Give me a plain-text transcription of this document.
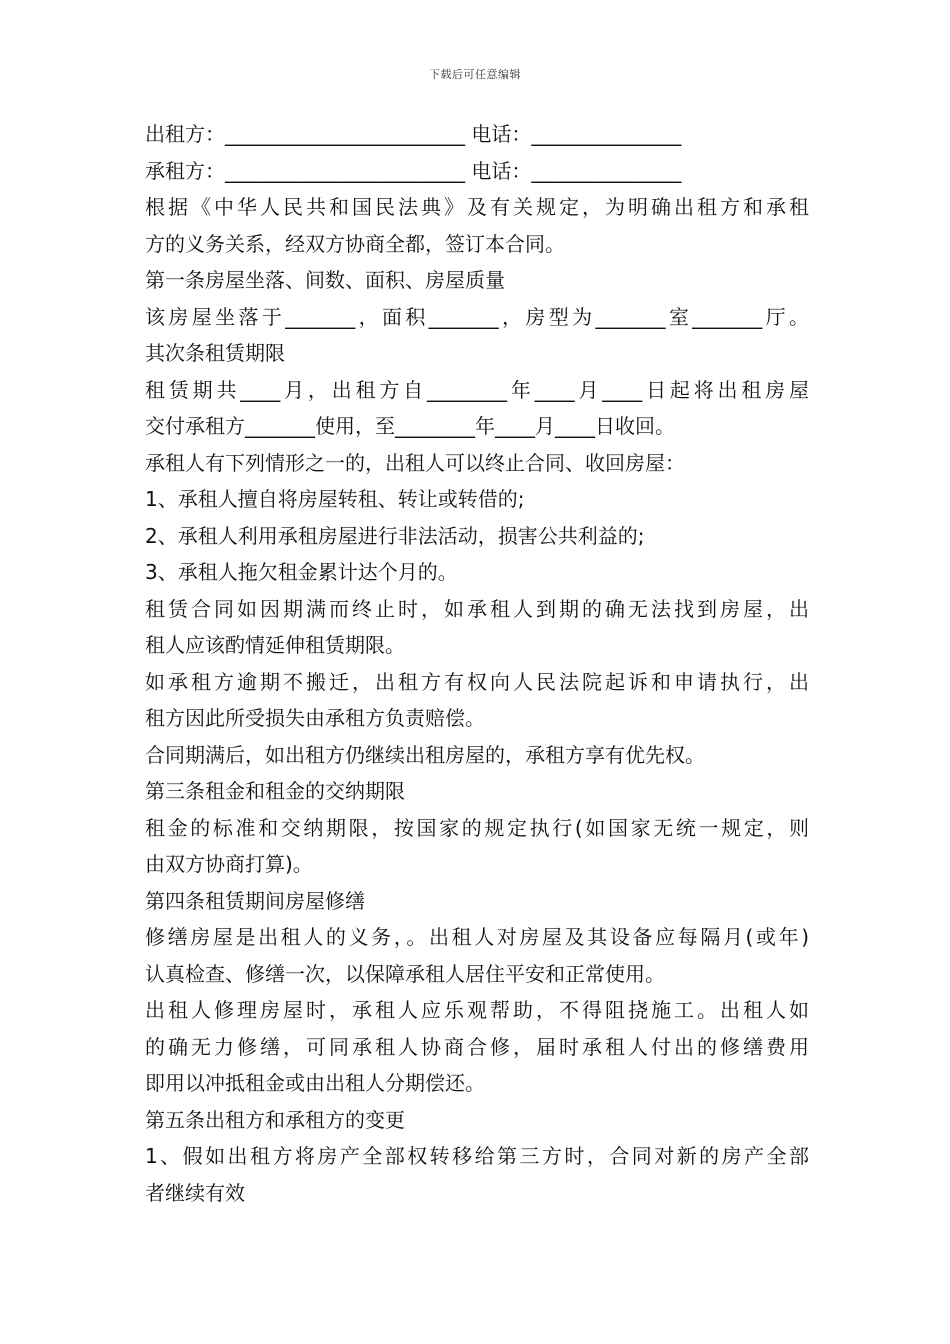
下载后可任意编辑
出租方：________________________ 电话：_______________
承租方：________________________ 电话：_______________
根据《中华人民共和国民法典》及有关规定，为明确出租方和承租
方的义务关系，经双方协商全都，签订本合同。
第一条房屋坐落、间数、面积、房屋质量
该房屋坐落于_______，面积_______，房型为_______室_______厅。
其次条租赁期限
租赁期共____月，出租方自________年____月____日起将出租房屋
交付承租方_______使用，至________年____月____日收回。
承租人有下列情形之一的，出租人可以终止合同、收回房屋：
1、承租人擅自将房屋转租、转让或转借的;
2、承租人利用承租房屋进行非法活动，损害公共利益的;
3、承租人拖欠租金累计达个月的。
租赁合同如因期满而终止时，如承租人到期的确无法找到房屋，出
租人应该酌情延伸租赁期限。
如承租方逾期不搬迁，出租方有权向人民法院起诉和申请执行，出
租方因此所受损失由承租方负责赔偿。
合同期满后，如出租方仍继续出租房屋的，承租方享有优先权。
第三条租金和租金的交纳期限
租金的标准和交纳期限，按国家的规定执行(如国家无统一规定，则
由双方协商打算)。
第四条租赁期间房屋修缮
修缮房屋是出租人的义务，。出租人对房屋及其设备应每隔月(或年)
认真检查、修缮一次，以保障承租人居住平安和正常使用。
出租人修理房屋时，承租人应乐观帮助，不得阻挠施工。出租人如
的确无力修缮，可同承租人协商合修，届时承租人付出的修缮费用
即用以冲抵租金或由出租人分期偿还。
第五条出租方和承租方的变更
1、假如出租方将房产全部权转移给第三方时，合同对新的房产全部
者继续有效
